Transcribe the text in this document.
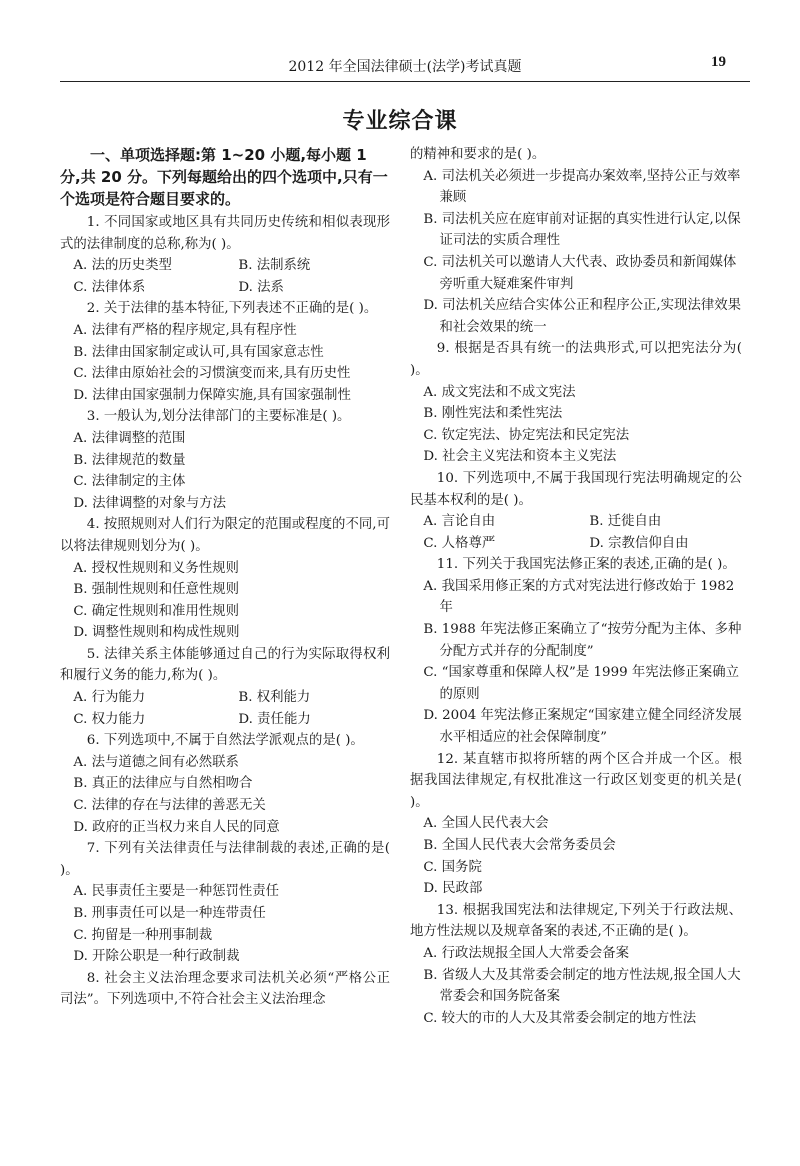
2012 年全国法律硕士(法学)考试真题	19
专业综合课

一、单项选择题:第 1~20 小题,每小题 1 分,共 20 分。下列每题给出的四个选项中,只有一个选项是符合题目要求的。

1. 不同国家或地区具有共同历史传统和相似表现形式的法律制度的总称,称为( )。

A. 法的历史类型	B. 法制系统

C. 法律体系	D. 法系

2. 关于法律的基本特征,下列表述不正确的是( )。

A. 法律有严格的程序规定,具有程序性

B. 法律由国家制定或认可,具有国家意志性

C. 法律由原始社会的习惯演变而来,具有历史性

D. 法律由国家强制力保障实施,具有国家强制性

3. 一般认为,划分法律部门的主要标准是( )。

A. 法律调整的范围

B. 法律规范的数量

C. 法律制定的主体

D. 法律调整的对象与方法

4. 按照规则对人们行为限定的范围或程度的不同,可以将法律规则划分为( )。

A. 授权性规则和义务性规则

B. 强制性规则和任意性规则

C. 确定性规则和准用性规则

D. 调整性规则和构成性规则

5. 法律关系主体能够通过自己的行为实际取得权利和履行义务的能力,称为( )。

A. 行为能力	B. 权利能力

C. 权力能力	D. 责任能力

6. 下列选项中,不属于自然法学派观点的是( )。

A. 法与道德之间有必然联系

B. 真正的法律应与自然相吻合

C. 法律的存在与法律的善恶无关

D. 政府的正当权力来自人民的同意

7. 下列有关法律责任与法律制裁的表述,正确的是( )。

A. 民事责任主要是一种惩罚性责任

B. 刑事责任可以是一种连带责任

C. 拘留是一种刑事制裁

D. 开除公职是一种行政制裁

8. 社会主义法治理念要求司法机关必须“严格公正司法”。下列选项中,不符合社会主义法治理念

的精神和要求的是( )。

A. 司法机关必须进一步提高办案效率,坚持公正与效率兼顾

B. 司法机关应在庭审前对证据的真实性进行认定,以保证司法的实质合理性

C. 司法机关可以邀请人大代表、政协委员和新闻媒体旁听重大疑难案件审判

D. 司法机关应结合实体公正和程序公正,实现法律效果和社会效果的统一

9. 根据是否具有统一的法典形式,可以把宪法分为( )。

A. 成文宪法和不成文宪法

B. 刚性宪法和柔性宪法

C. 钦定宪法、协定宪法和民定宪法

D. 社会主义宪法和资本主义宪法

10. 下列选项中,不属于我国现行宪法明确规定的公民基本权利的是( )。

A. 言论自由	B. 迁徙自由

C. 人格尊严	D. 宗教信仰自由

11. 下列关于我国宪法修正案的表述,正确的是( )。

A. 我国采用修正案的方式对宪法进行修改始于 1982 年

B. 1988 年宪法修正案确立了“按劳分配为主体、多种分配方式并存的分配制度”

C. “国家尊重和保障人权”是 1999 年宪法修正案确立的原则

D. 2004 年宪法修正案规定“国家建立健全同经济发展水平相适应的社会保障制度”

12. 某直辖市拟将所辖的两个区合并成一个区。根据我国法律规定,有权批准这一行政区划变更的机关是( )。

A. 全国人民代表大会

B. 全国人民代表大会常务委员会

C. 国务院

D. 民政部

13. 根据我国宪法和法律规定,下列关于行政法规、地方性法规以及规章备案的表述,不正确的是( )。

A. 行政法规报全国人大常委会备案

B. 省级人大及其常委会制定的地方性法规,报全国人大常委会和国务院备案

C. 较大的市的人大及其常委会制定的地方性法
